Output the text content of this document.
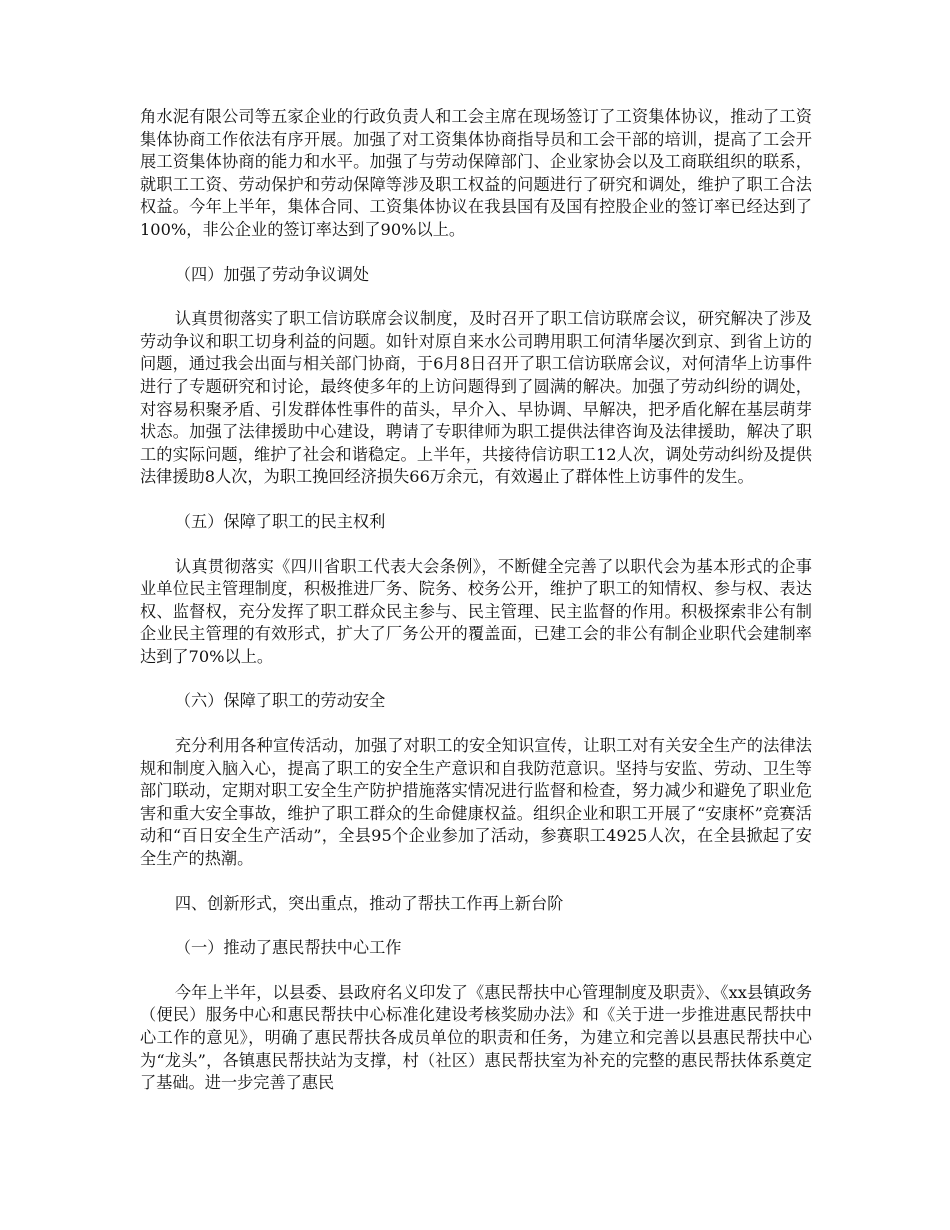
角水泥有限公司等五家企业的行政负责人和工会主席在现场签订了工资集体协议，推动了工资集体协商工作依法有序开展。加强了对工资集体协商指导员和工会干部的培训，提高了工会开展工资集体协商的能力和水平。加强了与劳动保障部门、企业家协会以及工商联组织的联系，就职工工资、劳动保护和劳动保障等涉及职工权益的问题进行了研究和调处，维护了职工合法权益。今年上半年，集体合同、工资集体协议在我县国有及国有控股企业的签订率已经达到了100%，非公企业的签订率达到了90%以上。

（四）加强了劳动争议调处

认真贯彻落实了职工信访联席会议制度，及时召开了职工信访联席会议，研究解决了涉及劳动争议和职工切身利益的问题。如针对原自来水公司聘用职工何清华屡次到京、到省上访的问题，通过我会出面与相关部门协商，于6月8日召开了职工信访联席会议，对何清华上访事件进行了专题研究和讨论，最终使多年的上访问题得到了圆满的解决。加强了劳动纠纷的调处，对容易积聚矛盾、引发群体性事件的苗头，早介入、早协调、早解决，把矛盾化解在基层萌芽状态。加强了法律援助中心建设，聘请了专职律师为职工提供法律咨询及法律援助，解决了职工的实际问题，维护了社会和谐稳定。上半年，共接待信访职工12人次，调处劳动纠纷及提供法律援助8人次，为职工挽回经济损失66万余元，有效遏止了群体性上访事件的发生。

（五）保障了职工的民主权利

认真贯彻落实《四川省职工代表大会条例》，不断健全完善了以职代会为基本形式的企事业单位民主管理制度，积极推进厂务、院务、校务公开，维护了职工的知情权、参与权、表达权、监督权，充分发挥了职工群众民主参与、民主管理、民主监督的作用。积极探索非公有制企业民主管理的有效形式，扩大了厂务公开的覆盖面，已建工会的非公有制企业职代会建制率达到了70%以上。

（六）保障了职工的劳动安全

充分利用各种宣传活动，加强了对职工的安全知识宣传，让职工对有关安全生产的法律法规和制度入脑入心，提高了职工的安全生产意识和自我防范意识。坚持与安监、劳动、卫生等部门联动，定期对职工安全生产防护措施落实情况进行监督和检查，努力减少和避免了职业危害和重大安全事故，维护了职工群众的生命健康权益。组织企业和职工开展了“安康杯”竞赛活动和“百日安全生产活动”，全县95个企业参加了活动，参赛职工4925人次，在全县掀起了安全生产的热潮。

四、创新形式，突出重点，推动了帮扶工作再上新台阶

（一）推动了惠民帮扶中心工作

今年上半年，以县委、县政府名义印发了《惠民帮扶中心管理制度及职责》、《xx县镇政务（便民）服务中心和惠民帮扶中心标准化建设考核奖励办法》和《关于进一步推进惠民帮扶中心工作的意见》，明确了惠民帮扶各成员单位的职责和任务，为建立和完善以县惠民帮扶中心为“龙头”，各镇惠民帮扶站为支撑，村（社区）惠民帮扶室为补充的完整的惠民帮扶体系奠定了基础。进一步完善了惠民
